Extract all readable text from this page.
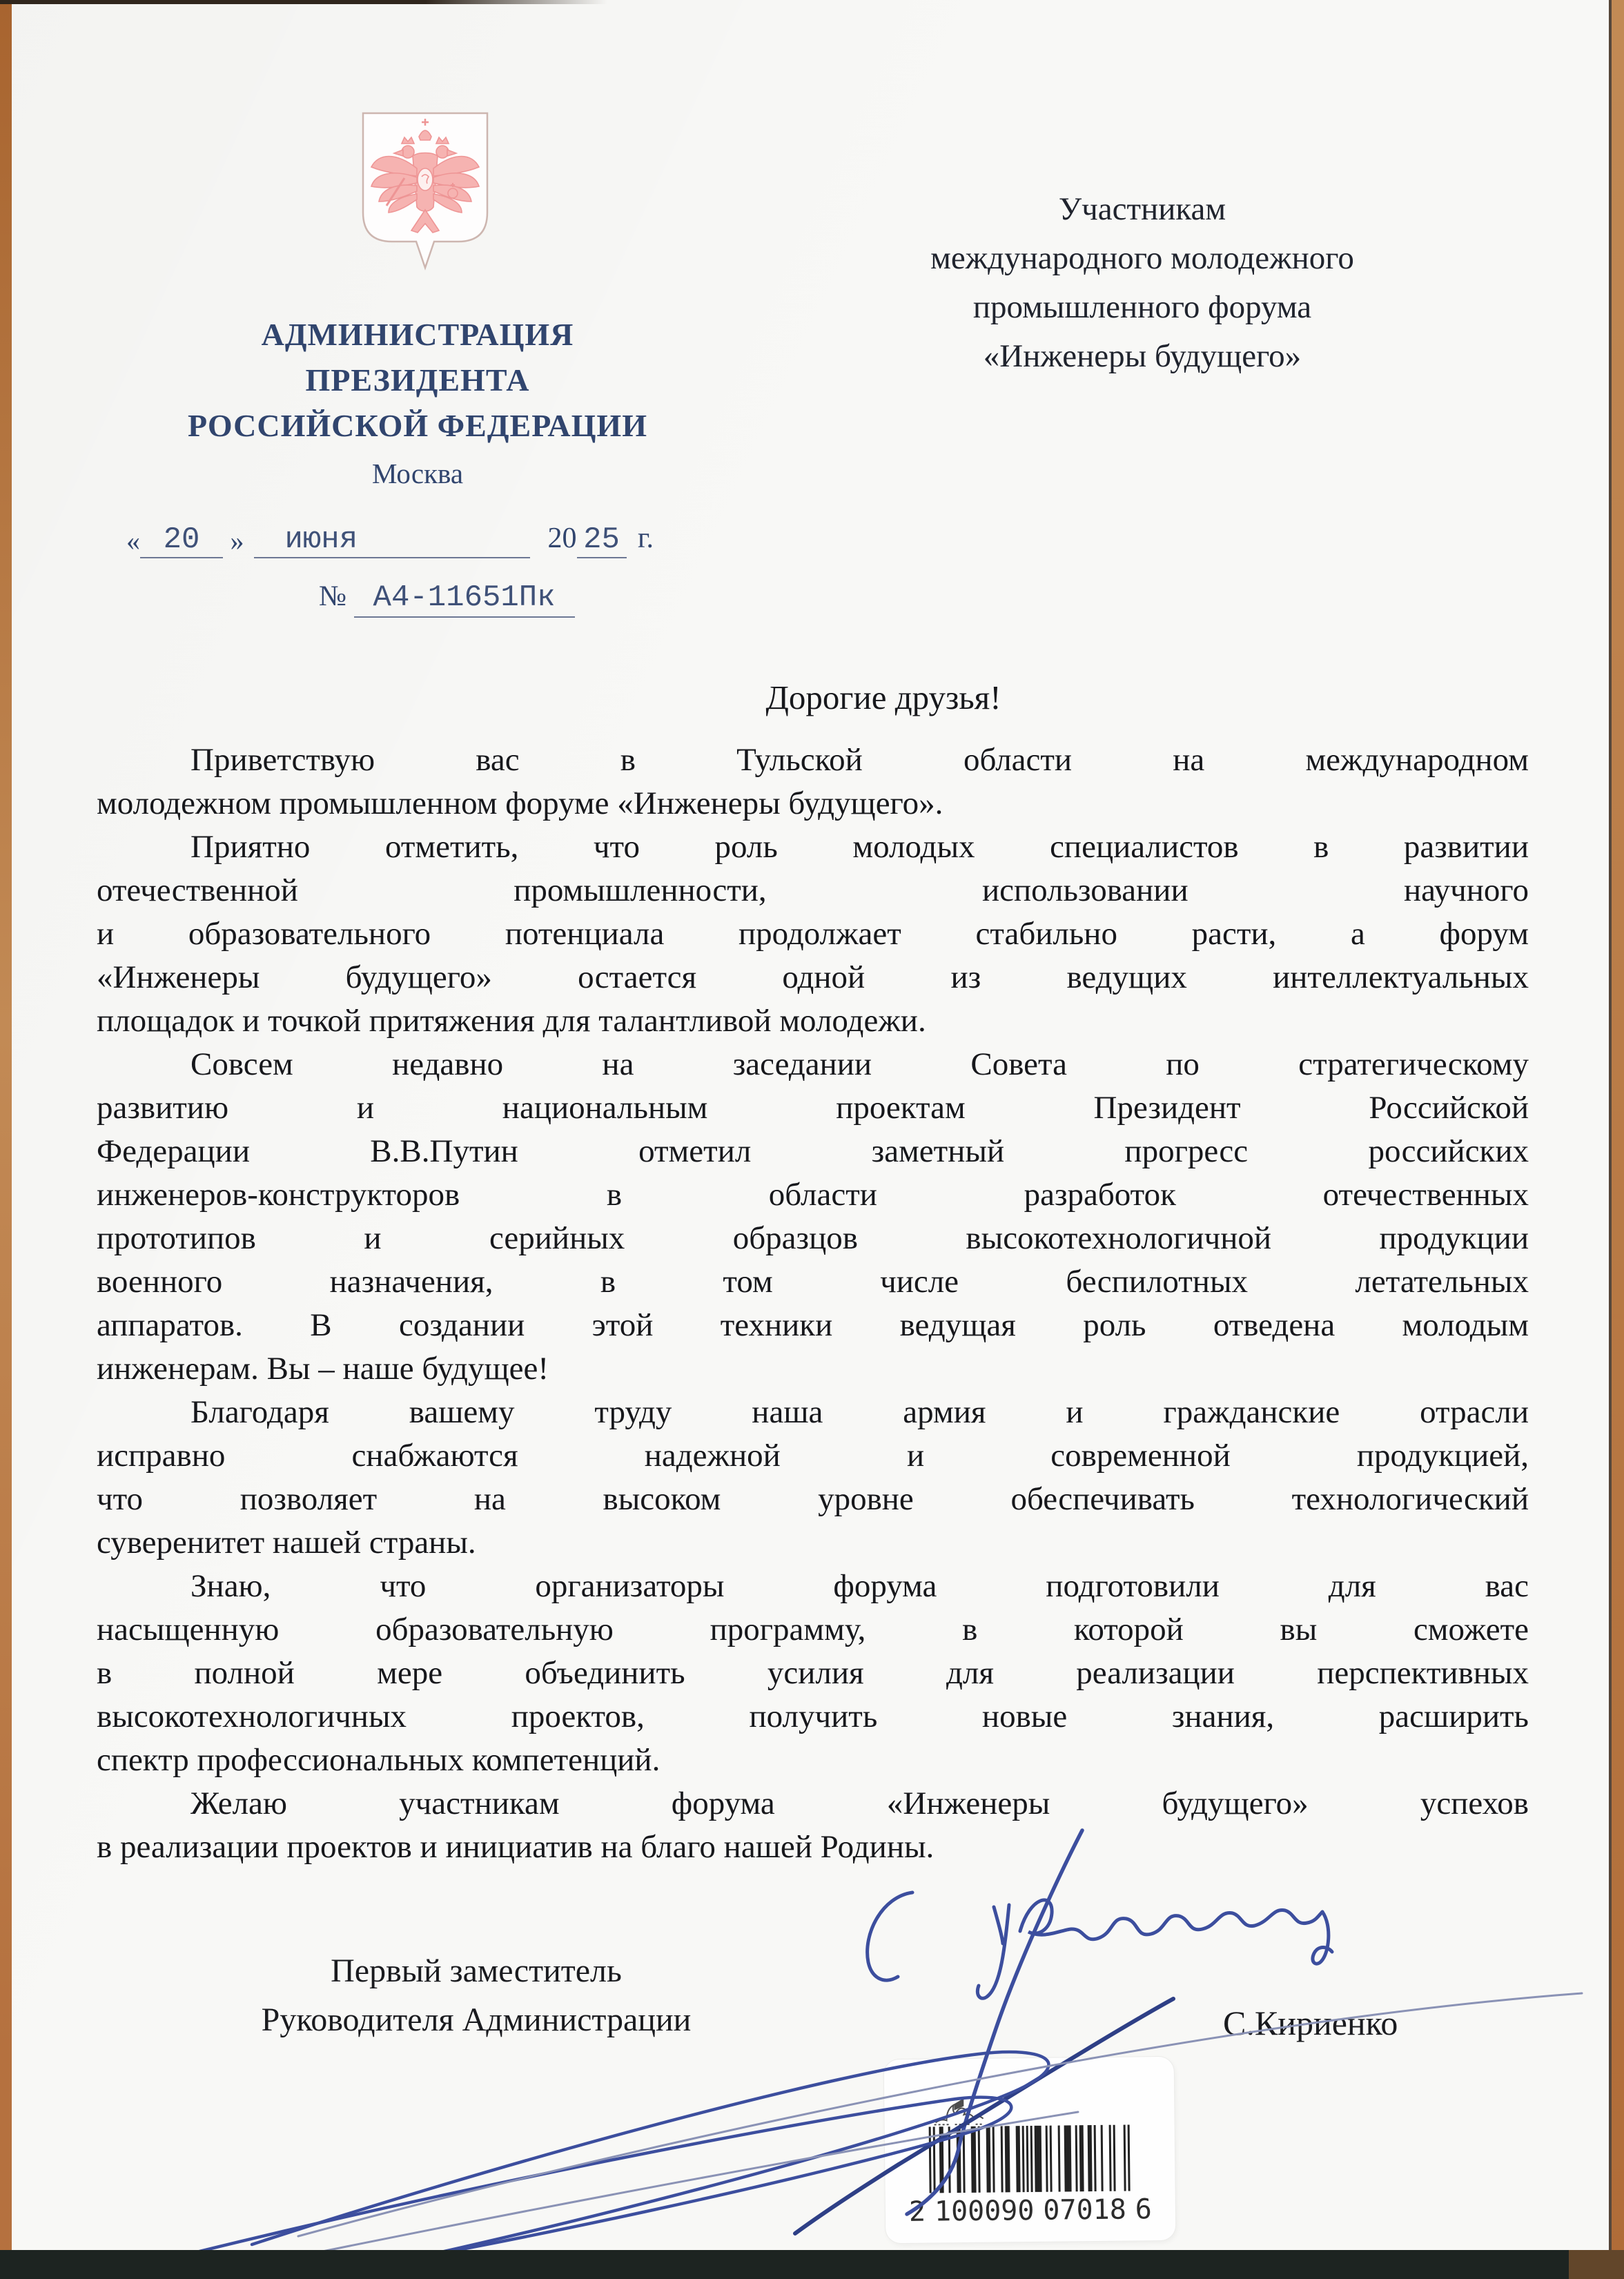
АДМИНИСТРАЦИЯ
ПРЕЗИДЕНТА
РОССИЙСКОЙ ФЕДЕРАЦИИ
Москва
« 20 » июня	20 25 г.
№ А4-11651Пк
Участникам
международного молодежного
промышленного форума
«Инженеры будущего»
Дорогие друзья!
Приветствую вас в Тульской области на международном
молодежном промышленном форуме «Инженеры будущего».
Приятно отметить, что роль молодых специалистов в развитии
отечественной промышленности, использовании научного
и образовательного потенциала продолжает стабильно расти, а форум
«Инженеры будущего» остается одной из ведущих интеллектуальных
площадок и точкой притяжения для талантливой молодежи.
Совсем недавно на заседании Совета по стратегическому
развитию и национальным проектам Президент Российской
Федерации В.В.Путин отметил заметный прогресс российских
инженеров-конструкторов в области разработок отечественных
прототипов и серийных образцов высокотехнологичной продукции
военного назначения, в том числе беспилотных летательных
аппаратов. В создании этой техники ведущая роль отведена молодым
инженерам. Вы – наше будущее!
Благодаря вашему труду наша армия и гражданские отрасли
исправно снабжаются надежной и современной продукцией,
что позволяет на высоком уровне обеспечивать технологический
суверенитет нашей страны.
Знаю, что организаторы форума подготовили для вас
насыщенную образовательную программу, в которой вы сможете
в полной мере объединить усилия для реализации перспективных
высокотехнологичных проектов, получить новые знания, расширить
спектр профессиональных компетенций.
Желаю участникам форума «Инженеры будущего» успехов
в реализации проектов и инициатив на благо нашей Родины.
Первый заместитель
Руководителя Администрации	С.Кириенко
2 100090 07018 6
